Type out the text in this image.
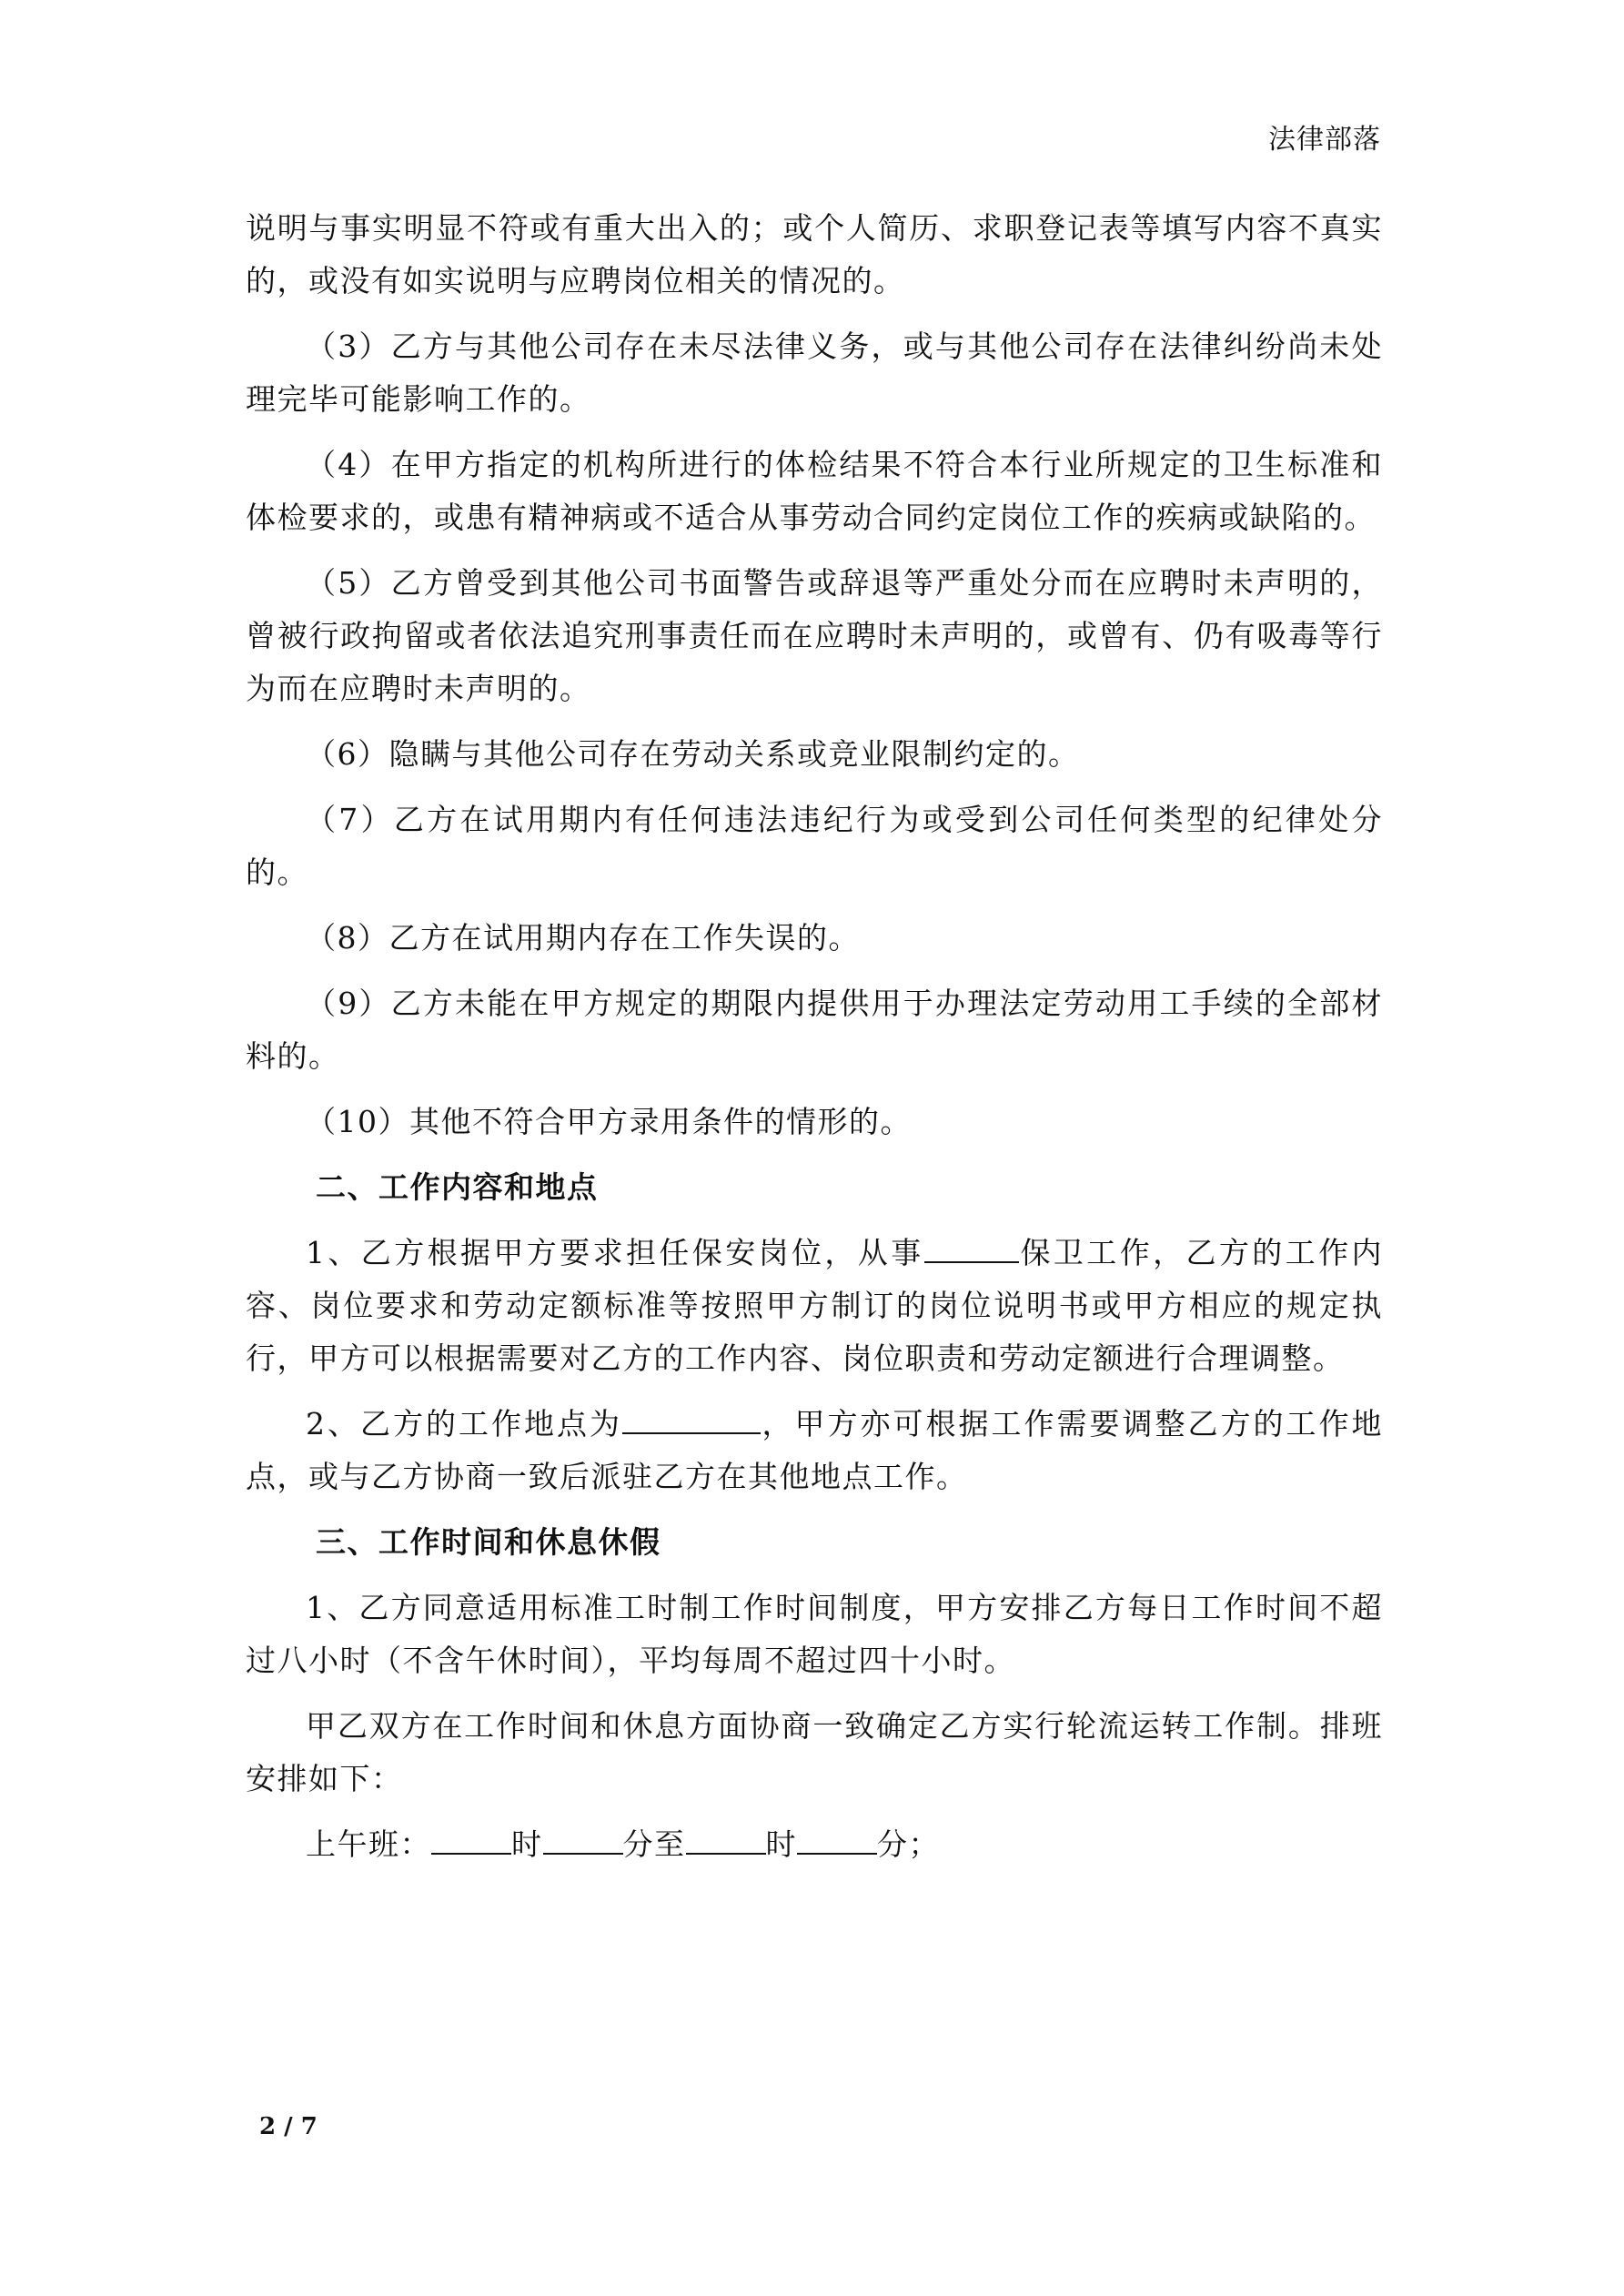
法律部落

说明与事实明显不符或有重大出入的；或个人简历、求职登记表等填写内容不真实的，或没有如实说明与应聘岗位相关的情况的。

（3）乙方与其他公司存在未尽法律义务，或与其他公司存在法律纠纷尚未处理完毕可能影响工作的。

（4）在甲方指定的机构所进行的体检结果不符合本行业所规定的卫生标准和体检要求的，或患有精神病或不适合从事劳动合同约定岗位工作的疾病或缺陷的。

（5）乙方曾受到其他公司书面警告或辞退等严重处分而在应聘时未声明的，曾被行政拘留或者依法追究刑事责任而在应聘时未声明的，或曾有、仍有吸毒等行为而在应聘时未声明的。

（6）隐瞒与其他公司存在劳动关系或竞业限制约定的。

（7）乙方在试用期内有任何违法违纪行为或受到公司任何类型的纪律处分的。

（8）乙方在试用期内存在工作失误的。

（9）乙方未能在甲方规定的期限内提供用于办理法定劳动用工手续的全部材料的。

（10）其他不符合甲方录用条件的情形的。

二、工作内容和地点

1、乙方根据甲方要求担任保安岗位，从事	保卫工作，乙方的工作内容、岗位要求和劳动定额标准等按照甲方制订的岗位说明书或甲方相应的规定执行，甲方可以根据需要对乙方的工作内容、岗位职责和劳动定额进行合理调整。

2、乙方的工作地点为	，甲方亦可根据工作需要调整乙方的工作地点，或与乙方协商一致后派驻乙方在其他地点工作。

三、工作时间和休息休假

1、乙方同意适用标准工时制工作时间制度，甲方安排乙方每日工作时间不超过八小时（不含午休时间），平均每周不超过四十小时。

甲乙双方在工作时间和休息方面协商一致确定乙方实行轮流运转工作制。排班安排如下：

上午班：	时	分至	时	分；

2 / 7
